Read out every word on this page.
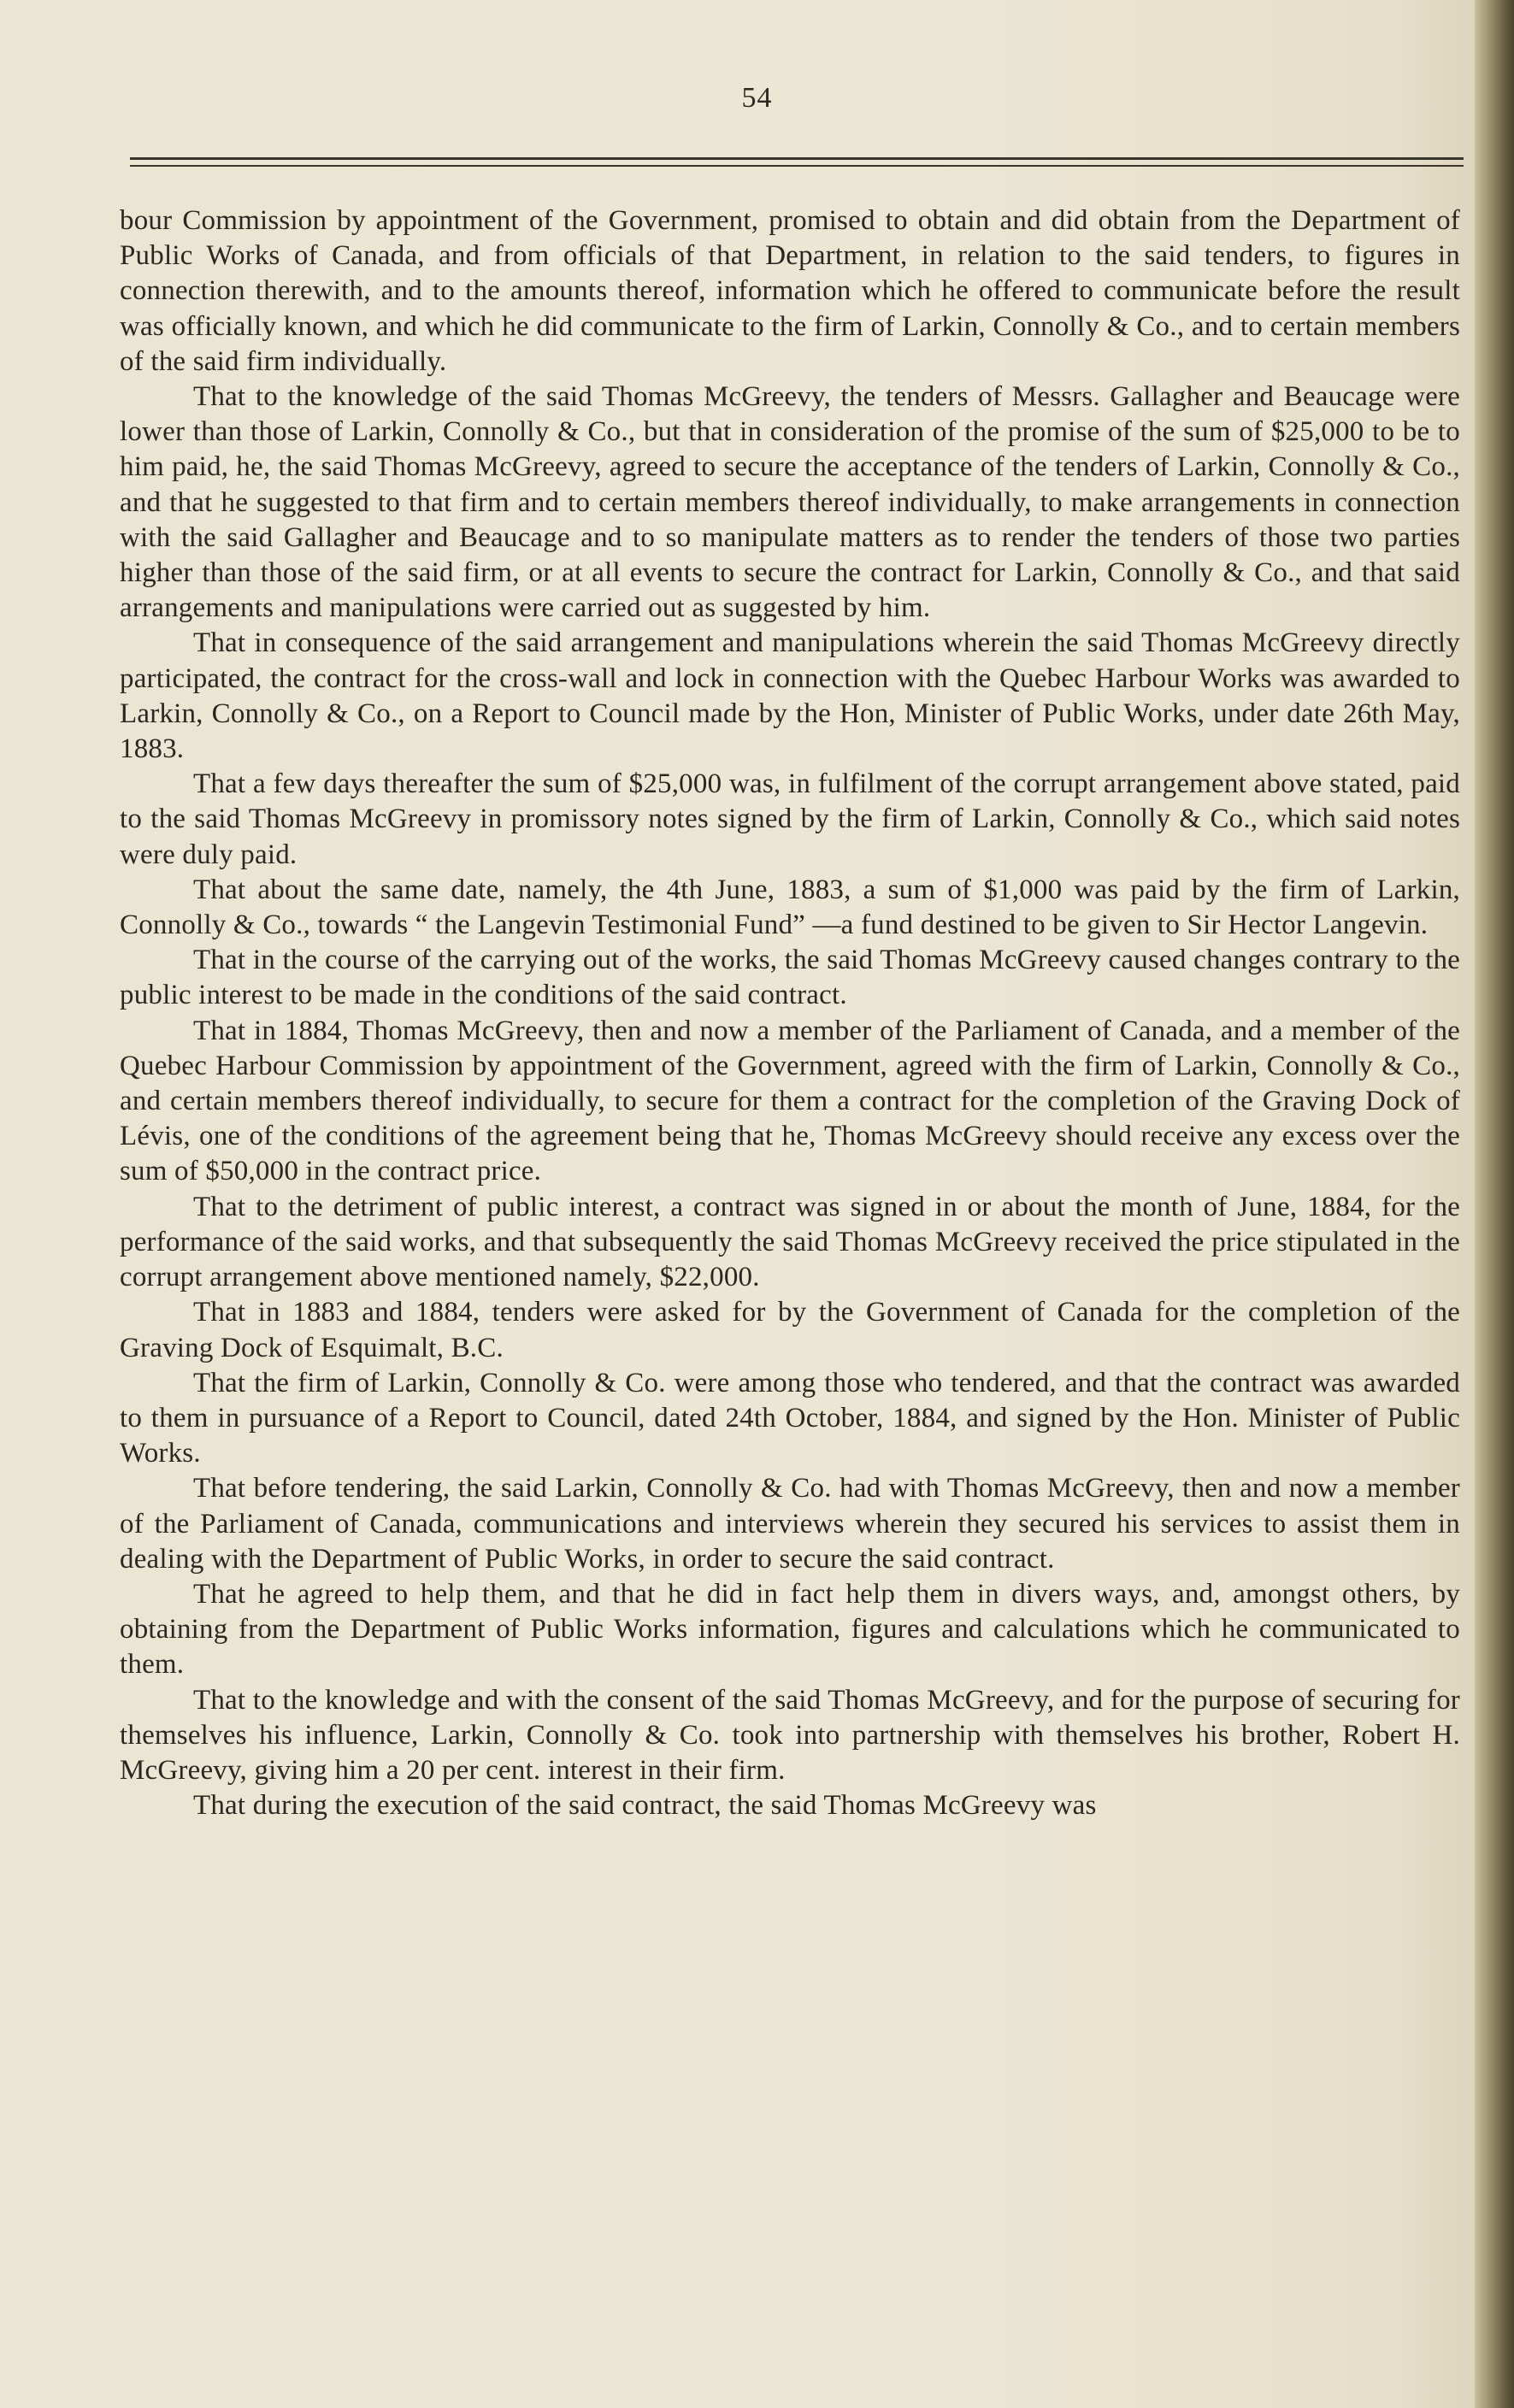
54

bour Commission by appointment of the Government, promised to obtain and did obtain from the Department of Public Works of Canada, and from officials of that Department, in relation to the said tenders, to figures in connection therewith, and to the amounts thereof, information which he offered to communicate before the result was officially known, and which he did communicate to the firm of Larkin, Connolly & Co., and to certain members of the said firm individually.

That to the knowledge of the said Thomas McGreevy, the tenders of Messrs. Gallagher and Beaucage were lower than those of Larkin, Connolly & Co., but that in consideration of the promise of the sum of $25,000 to be to him paid, he, the said Thomas McGreevy, agreed to secure the acceptance of the tenders of Larkin, Connolly & Co., and that he suggested to that firm and to certain members thereof individually, to make arrangements in connection with the said Gallagher and Beaucage and to so manipulate matters as to render the tenders of those two parties higher than those of the said firm, or at all events to secure the contract for Larkin, Connolly & Co., and that said arrangements and manipulations were carried out as suggested by him.

That in consequence of the said arrangement and manipulations wherein the said Thomas McGreevy directly participated, the contract for the cross-wall and lock in connection with the Quebec Harbour Works was awarded to Larkin, Connolly & Co., on a Report to Council made by the Hon, Minister of Public Works, under date 26th May, 1883.

That a few days thereafter the sum of $25,000 was, in fulfilment of the corrupt arrangement above stated, paid to the said Thomas McGreevy in promissory notes signed by the firm of Larkin, Connolly & Co., which said notes were duly paid.

That about the same date, namely, the 4th June, 1883, a sum of $1,000 was paid by the firm of Larkin, Connolly & Co., towards “ the Langevin Testimonial Fund” —a fund destined to be given to Sir Hector Langevin.

That in the course of the carrying out of the works, the said Thomas McGreevy caused changes contrary to the public interest to be made in the conditions of the said contract.

That in 1884, Thomas McGreevy, then and now a member of the Parliament of Canada, and a member of the Quebec Harbour Commission by appointment of the Government, agreed with the firm of Larkin, Connolly & Co., and certain members thereof individually, to secure for them a contract for the completion of the Graving Dock of Lévis, one of the conditions of the agreement being that he, Thomas McGreevy should receive any excess over the sum of $50,000 in the contract price.

That to the detriment of public interest, a contract was signed in or about the month of June, 1884, for the performance of the said works, and that subsequently the said Thomas McGreevy received the price stipulated in the corrupt arrangement above mentioned namely, $22,000.

That in 1883 and 1884, tenders were asked for by the Government of Canada for the completion of the Graving Dock of Esquimalt, B.C.

That the firm of Larkin, Connolly & Co. were among those who tendered, and that the contract was awarded to them in pursuance of a Report to Council, dated 24th October, 1884, and signed by the Hon. Minister of Public Works.

That before tendering, the said Larkin, Connolly & Co. had with Thomas McGreevy, then and now a member of the Parliament of Canada, communications and interviews wherein they secured his services to assist them in dealing with the Department of Public Works, in order to secure the said contract.

That he agreed to help them, and that he did in fact help them in divers ways, and, amongst others, by obtaining from the Department of Public Works information, figures and calculations which he communicated to them.

That to the knowledge and with the consent of the said Thomas McGreevy, and for the purpose of securing for themselves his influence, Larkin, Connolly & Co. took into partnership with themselves his brother, Robert H. McGreevy, giving him a 20 per cent. interest in their firm.

That during the execution of the said contract, the said Thomas McGreevy was
